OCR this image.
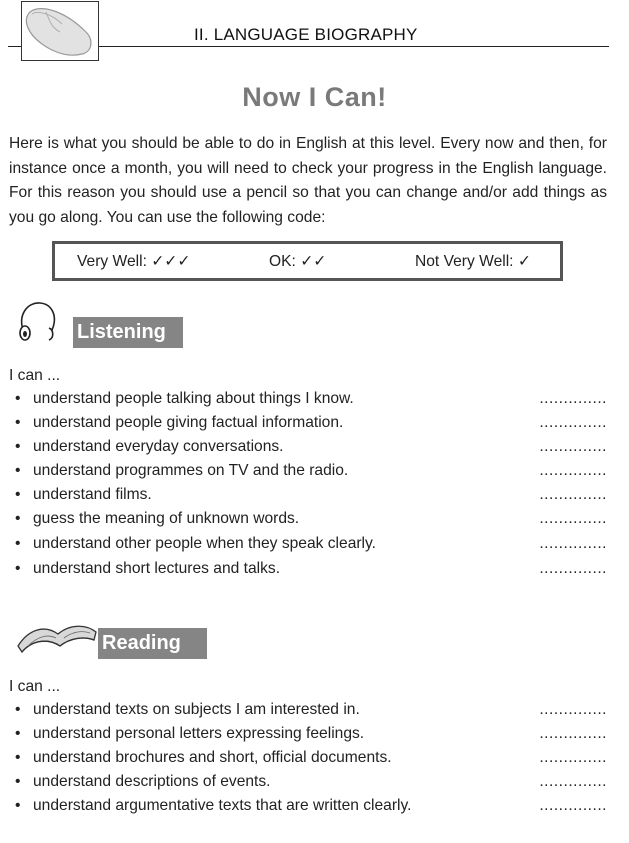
II. LANGUAGE BIOGRAPHY
Now I Can!

Here is what you should be able to do in English at this level. Every now and then, for instance once a month, you will need to check your progress in the English language. For this reason you should use a pencil so that you can change and/or add things as you go along. You can use the following code:

Very Well: ✓✓✓	OK: ✓✓	Not Very Well: ✓
Listening
I can ...
• understand people talking about things I know.	..............
• understand people giving factual information.	..............
• understand everyday conversations.	..............
• understand programmes on TV and the radio.	..............
• understand films.	..............
• guess the meaning of unknown words.	..............
• understand other people when they speak clearly.	..............
• understand short lectures and talks.	..............
Reading
I can ...
• understand texts on subjects I am interested in.	..............
• understand personal letters expressing feelings.	..............
• understand brochures and short, official documents.	..............
• understand descriptions of events.	..............
• understand argumentative texts that are written clearly.	..............
